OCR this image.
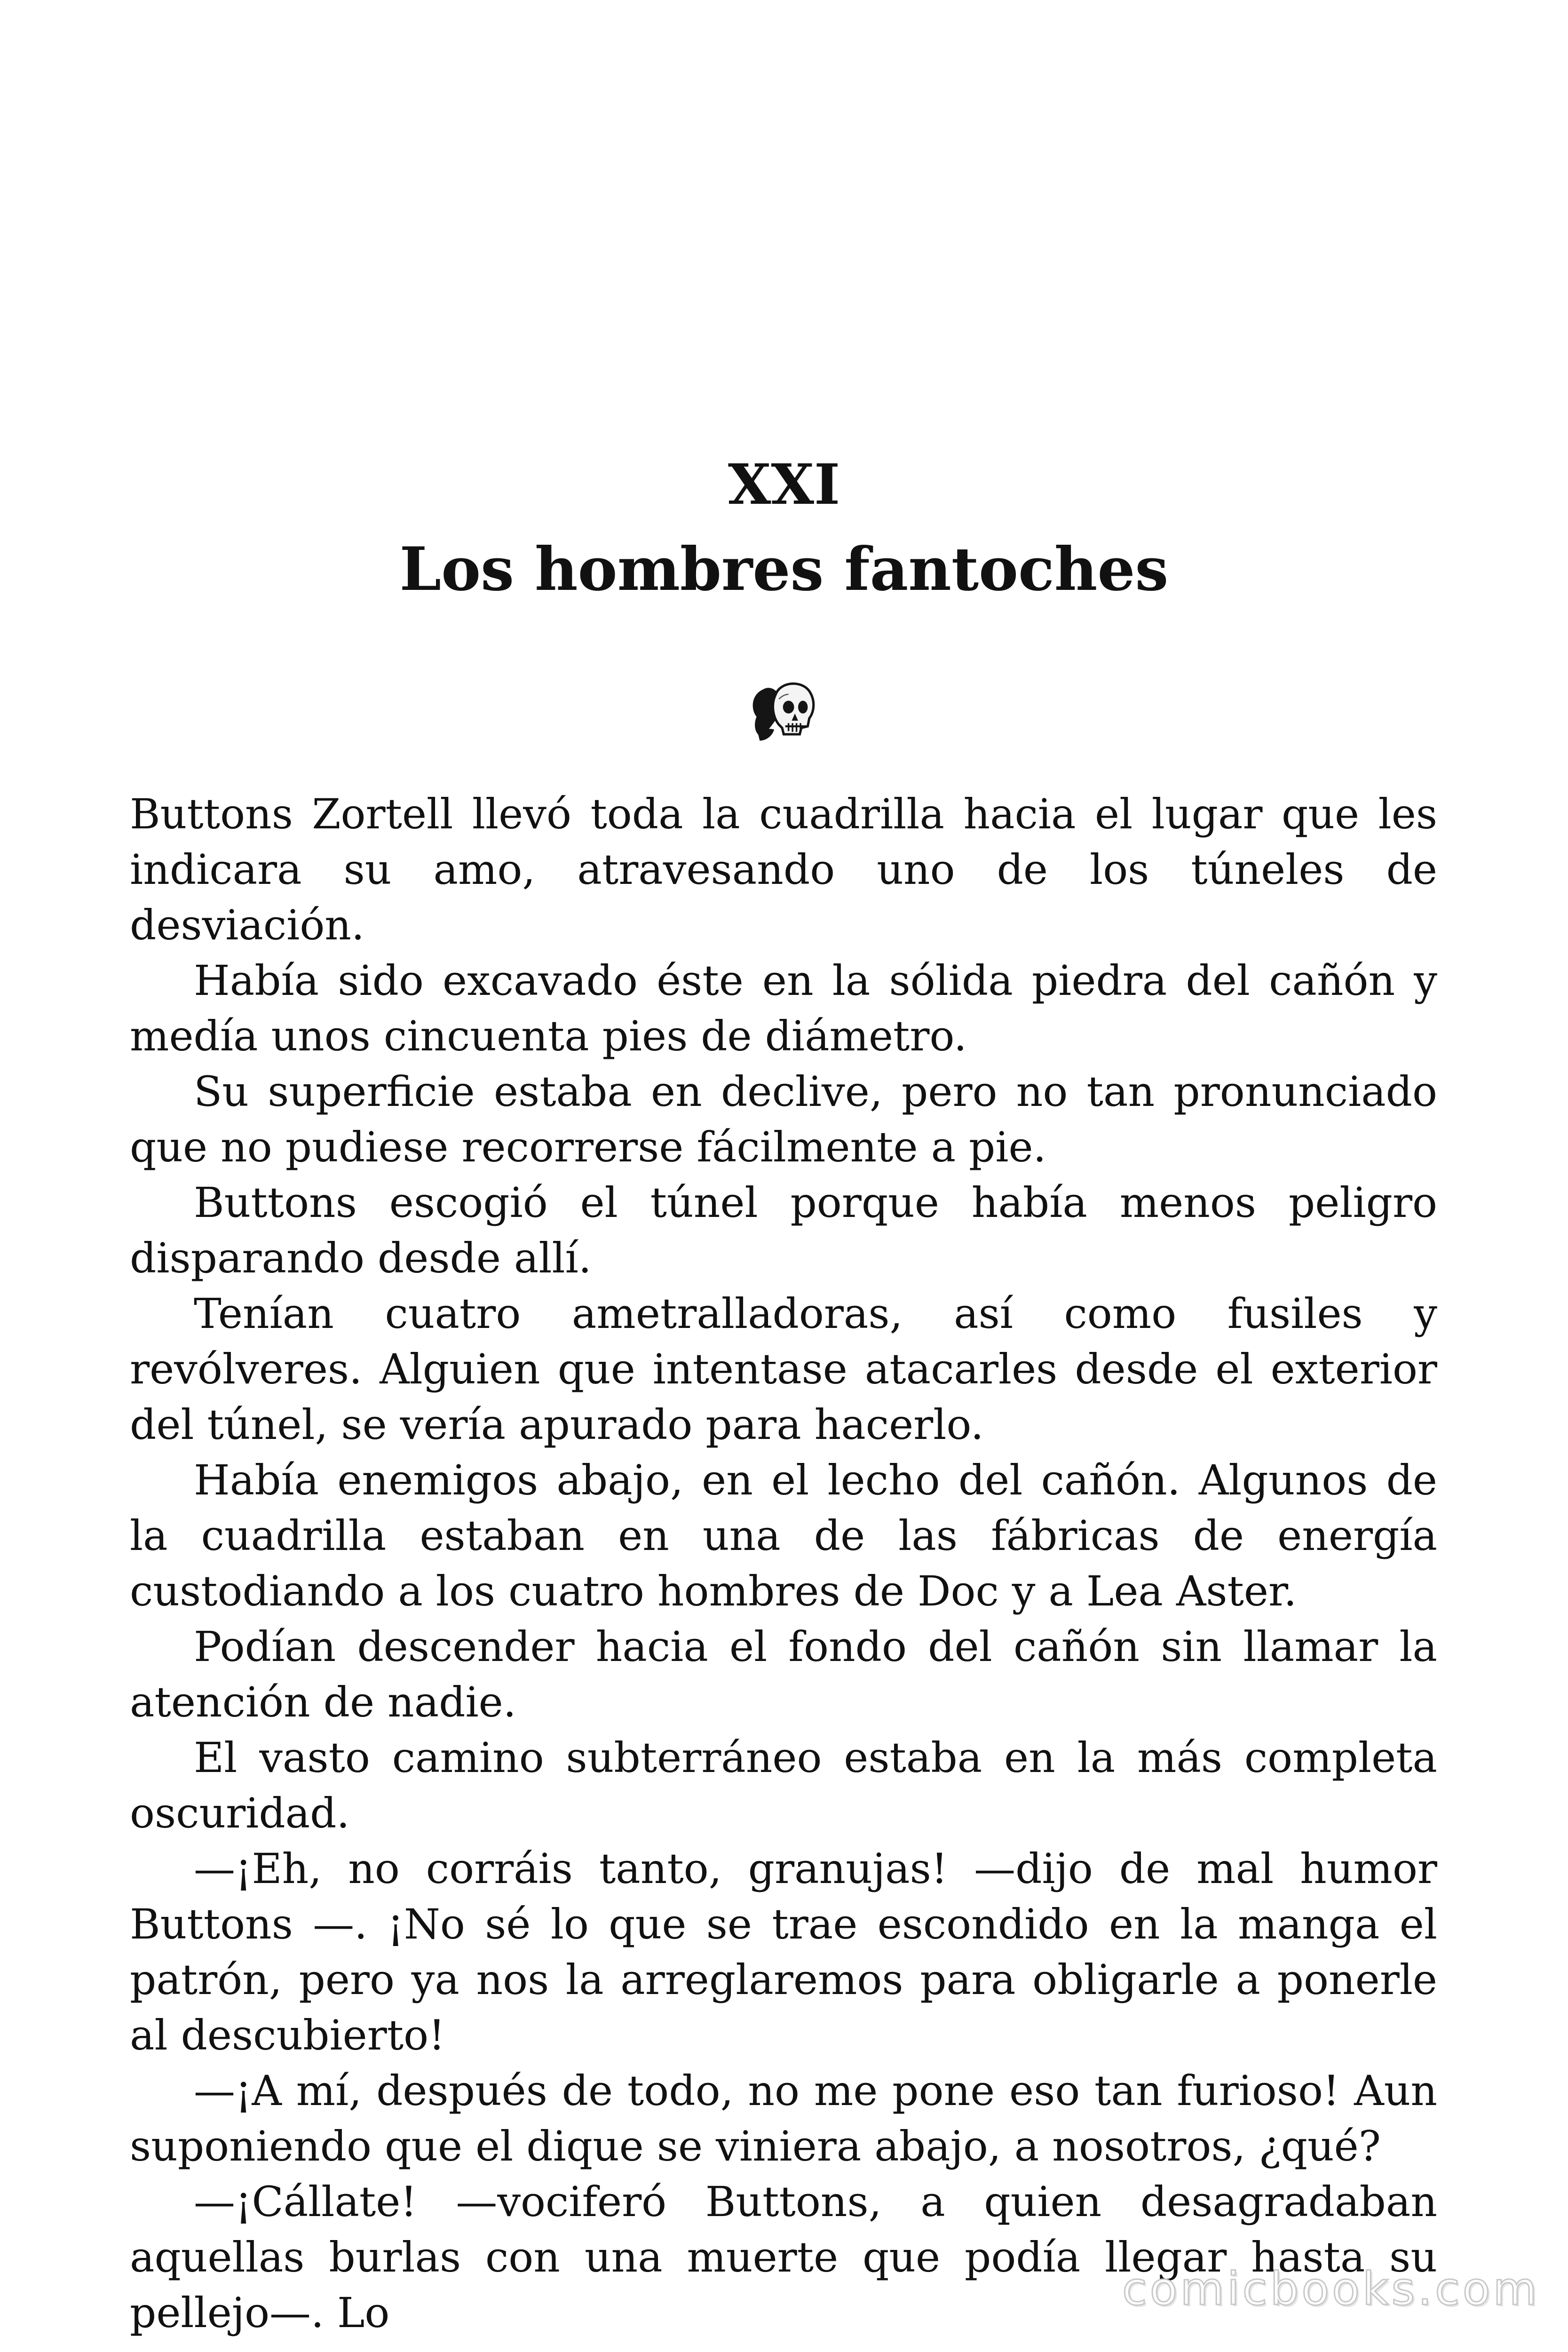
XXI
Los hombres fantoches

Buttons Zortell llevó toda la cuadrilla hacia el lugar que les indicara su amo, atravesando uno de los túneles de desviación.

Había sido excavado éste en la sólida piedra del cañón y medía unos cincuenta pies de diámetro.

Su superficie estaba en declive, pero no tan pronunciado que no pudiese recorrerse fácilmente a pie.

Buttons escogió el túnel porque había menos peligro disparando desde allí.

Tenían cuatro ametralladoras, así como fusiles y revólveres. Alguien que intentase atacarles desde el exterior del túnel, se vería apurado para hacerlo.

Había enemigos abajo, en el lecho del cañón. Algunos de la cuadrilla estaban en una de las fábricas de energía custodiando a los cuatro hombres de Doc y a Lea Aster.

Podían descender hacia el fondo del cañón sin llamar la atención de nadie.

El vasto camino subterráneo estaba en la más completa oscuridad.

—¡Eh, no corráis tanto, granujas! —dijo de mal humor Buttons —. ¡No sé lo que se trae escondido en la manga el patrón, pero ya nos la arreglaremos para obligarle a ponerle al descubierto!

—¡A mí, después de todo, no me pone eso tan furioso! Aun suponiendo que el dique se viniera abajo, a nosotros, ¿qué?

—¡Cállate! —vociferó Buttons, a quien desagradaban aquellas burlas con una muerte que podía llegar hasta su pellejo—. Lo	comicbooks.com
